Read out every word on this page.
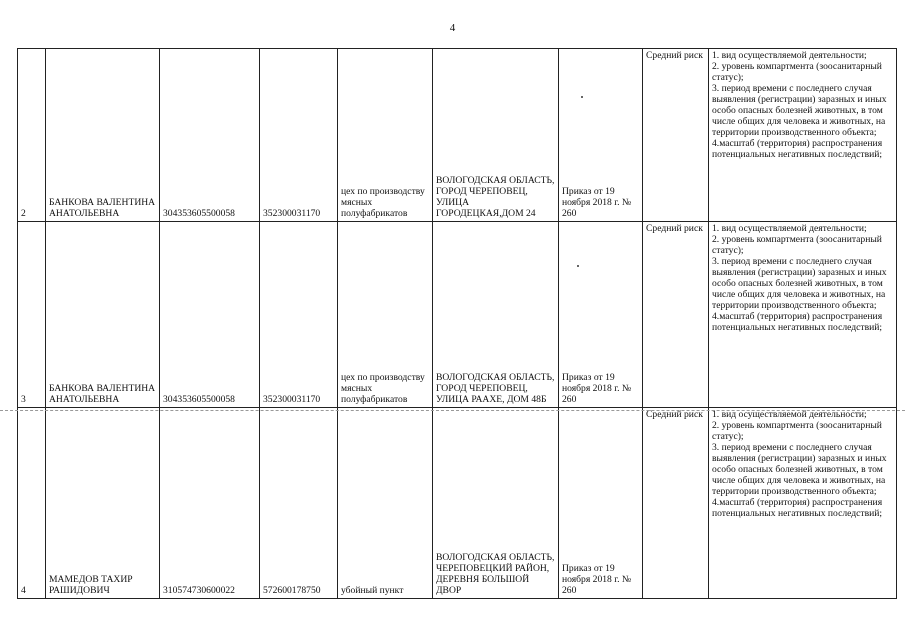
4
2	БАНКОВА ВАЛЕНТИНА АНАТОЛЬЕВНА	304353605500058	352300031170	цех по производству мясных полуфабрикатов	ВОЛОГОДСКАЯ ОБЛАСТЬ, ГОРОД ЧЕРЕПОВЕЦ, УЛИЦА ГОРОДЕЦКАЯ,ДОМ 24	Приказ от 19 ноября 2018 г. № 260	Средний риск	1. вид осуществляемой деятельности;
2. уровень компартмента (зоосанитарный статус);
3. период времени с последнего случая выявления (регистрации) заразных и иных особо опасных болезней животных, в том числе общих для человека и животных, на территории производственного объекта; 4.масштаб (территория) распространения потенциальных негативных последствий;
3	БАНКОВА ВАЛЕНТИНА АНАТОЛЬЕВНА	304353605500058	352300031170	цех по производству мясных полуфабрикатов	ВОЛОГОДСКАЯ ОБЛАСТЬ, ГОРОД ЧЕРЕПОВЕЦ, УЛИЦА РААХЕ, ДОМ 48Б	Приказ от 19 ноября 2018 г. № 260	Средний риск	1. вид осуществляемой деятельности;
2. уровень компартмента (зоосанитарный статус);
3. период времени с последнего случая выявления (регистрации) заразных и иных особо опасных болезней животных, в том числе общих для человека и животных, на территории производственного объекта;
4.масштаб (территория) распространения потенциальных негативных последствий;
4	МАМЕДОВ ТАХИР РАШИДОВИЧ	310574730600022	572600178750	убойный пункт	ВОЛОГОДСКАЯ ОБЛАСТЬ, ЧЕРЕПОВЕЦКИЙ РАЙОН, ДЕРЕВНЯ БОЛЬШОЙ ДВОР	Приказ от 19 ноября 2018 г. № 260	Средний риск	1. вид осуществляемой деятельности;
2. уровень компартмента (зоосанитарный статус);
3. период времени с последнего случая выявления (регистрации) заразных и иных особо опасных болезней животных, в том числе общих для человека и животных, на территории производственного объекта;
4.масштаб (территория) распространения потенциальных негативных последствий;
